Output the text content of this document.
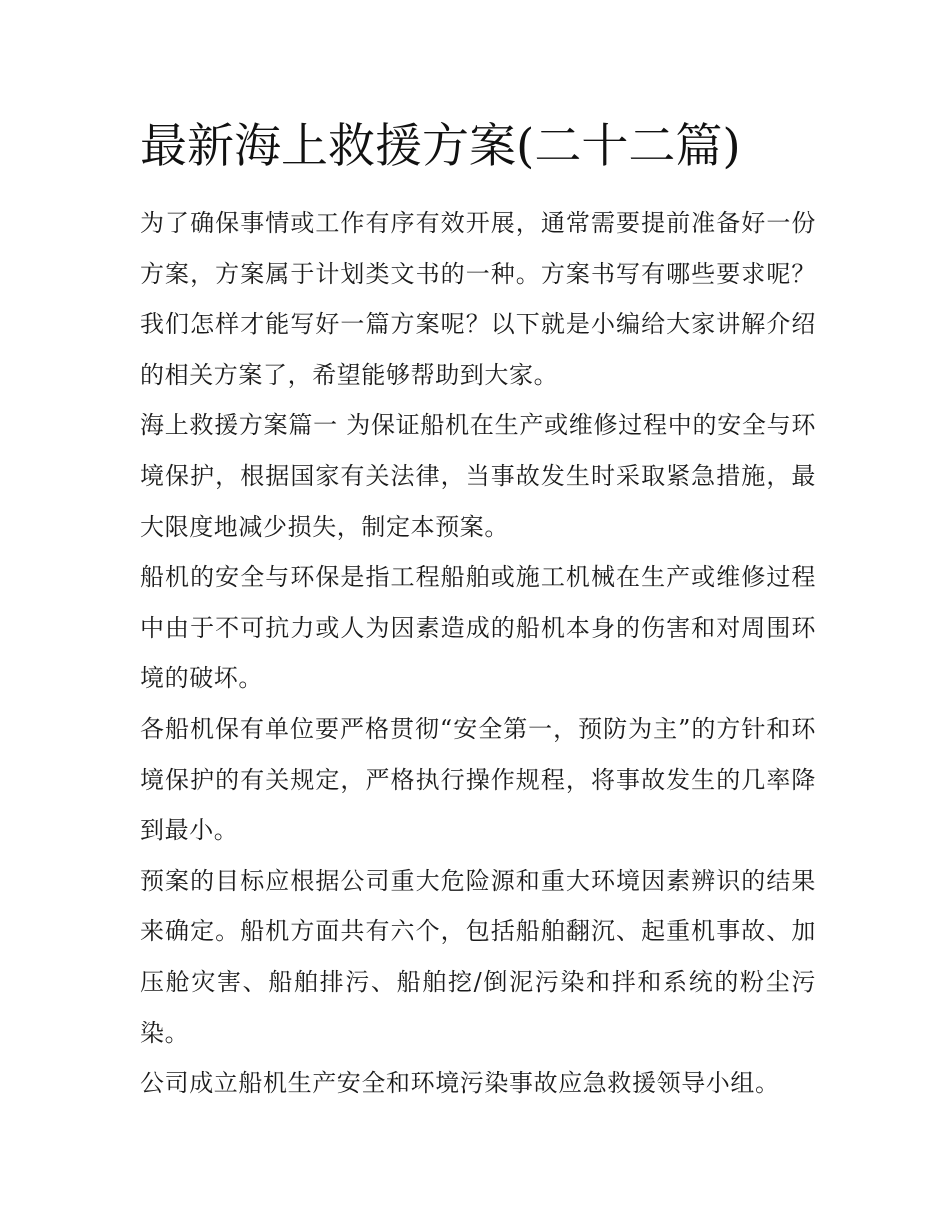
最新海上救援方案(二十二篇)

为了确保事情或工作有序有效开展，通常需要提前准备好一份方案，方案属于计划类文书的一种。方案书写有哪些要求呢？我们怎样才能写好一篇方案呢？以下就是小编给大家讲解介绍的相关方案了，希望能够帮助到大家。

海上救援方案篇一 为保证船机在生产或维修过程中的安全与环境保护，根据国家有关法律，当事故发生时采取紧急措施，最大限度地减少损失，制定本预案。

船机的安全与环保是指工程船舶或施工机械在生产或维修过程中由于不可抗力或人为因素造成的船机本身的伤害和对周围环境的破坏。

各船机保有单位要严格贯彻“安全第一，预防为主”的方针和环境保护的有关规定，严格执行操作规程，将事故发生的几率降到最小。

预案的目标应根据公司重大危险源和重大环境因素辨识的结果来确定。船机方面共有六个，包括船舶翻沉、起重机事故、加压舱灾害、船舶排污、船舶挖/倒泥污染和拌和系统的粉尘污染。

公司成立船机生产安全和环境污染事故应急救援领导小组。
